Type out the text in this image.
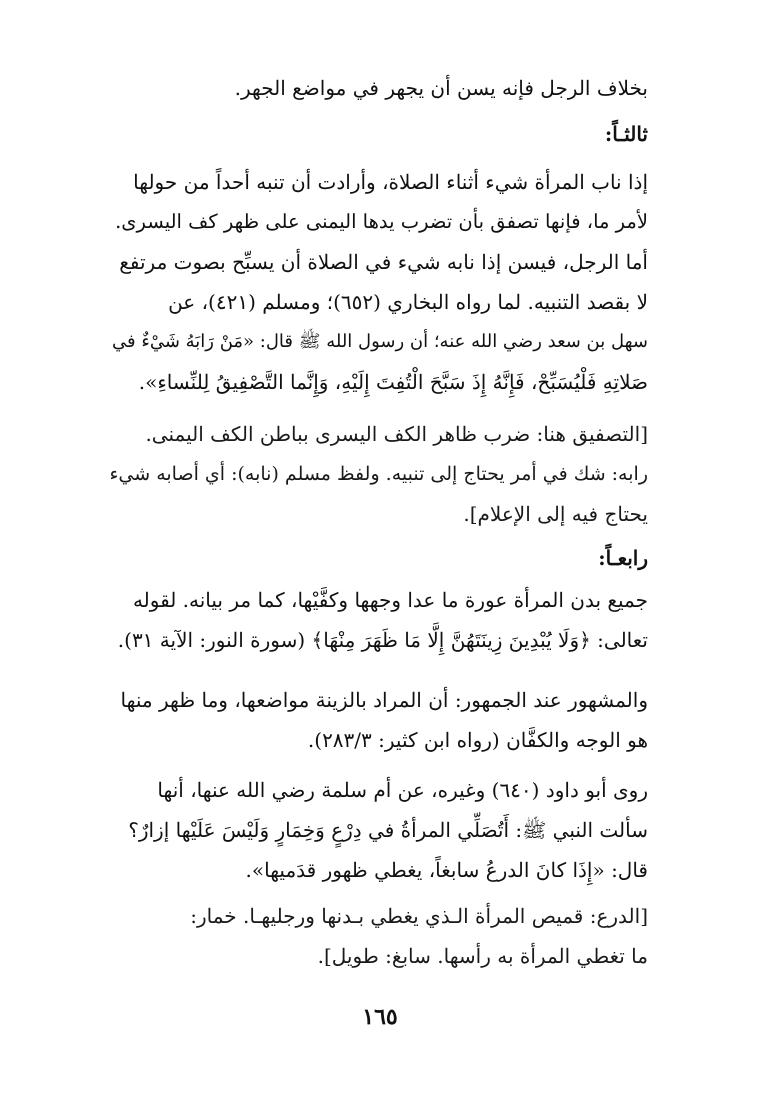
بخلاف الرجل فإنه يسن أن يجهر في مواضع الجهر.
ثالثـاً:
إذا ناب المرأة شيء أثناء الصلاة، وأرادت أن تنبه أحداً من حولها
لأمر ما، فإنها تصفق بأن تضرب يدها اليمنى على ظهر كف اليسرى.
أما الرجل، فيسن إذا نابه شيء في الصلاة أن يسبِّح بصوت مرتفع
لا بقصد التنبيه. لما رواه البخاري (٦٥٢)؛ ومسلم (٤٢١)، عن
سهل بن سعد رضي الله عنه؛ أن رسول الله ﷺ قال: «مَنْ رَابَهُ شَيْءٌ في
صَلاتِهِ فَلْيُسَبِّحْ، فَإِنَّهُ إِذَ سَبَّحَ الْتُفِتَ إِلَيْهِ، وَإِنَّما التَّصْفِيقُ لِلنِّساءِ».
[التصفيق هنا: ضرب ظاهر الكف اليسرى بباطن الكف اليمنى.
رابه: شك في أمر يحتاج إلى تنبيه. ولفظ مسلم (نابه): أي أصابه شيء
يحتاج فيه إلى الإعلام].
رابعـاً:
جميع بدن المرأة عورة ما عدا وجهها وكفَّيْها، كما مر بيانه. لقوله
تعالى: ﴿وَلَا يُبْدِينَ زِينَتَهُنَّ إِلَّا مَا ظَهَرَ مِنْهَا﴾ (سورة النور: الآية ٣١).
والمشهور عند الجمهور: أن المراد بالزينة مواضعها، وما ظهر منها
هو الوجه والكفَّان (رواه ابن كثير: ٢٨٣/٣).
روى أبو داود (٦٤٠) وغيره، عن أم سلمة رضي الله عنها، أنها
سألت النبي ﷺ: أَتُصَلِّي المرأةُ في دِرْعٍ وَخِمَارٍ وَلَيْسَ عَلَيْها إزارٌ؟
قال: «إِذَا كانَ الدرعُ سابغاً، يغطي ظهور قدَميها».
[الدرع: قميص المرأة الـذي يغطي بـدنها ورجليهـا. خمار:
ما تغطي المرأة به رأسها. سابغ: طويل].
١٦٥
